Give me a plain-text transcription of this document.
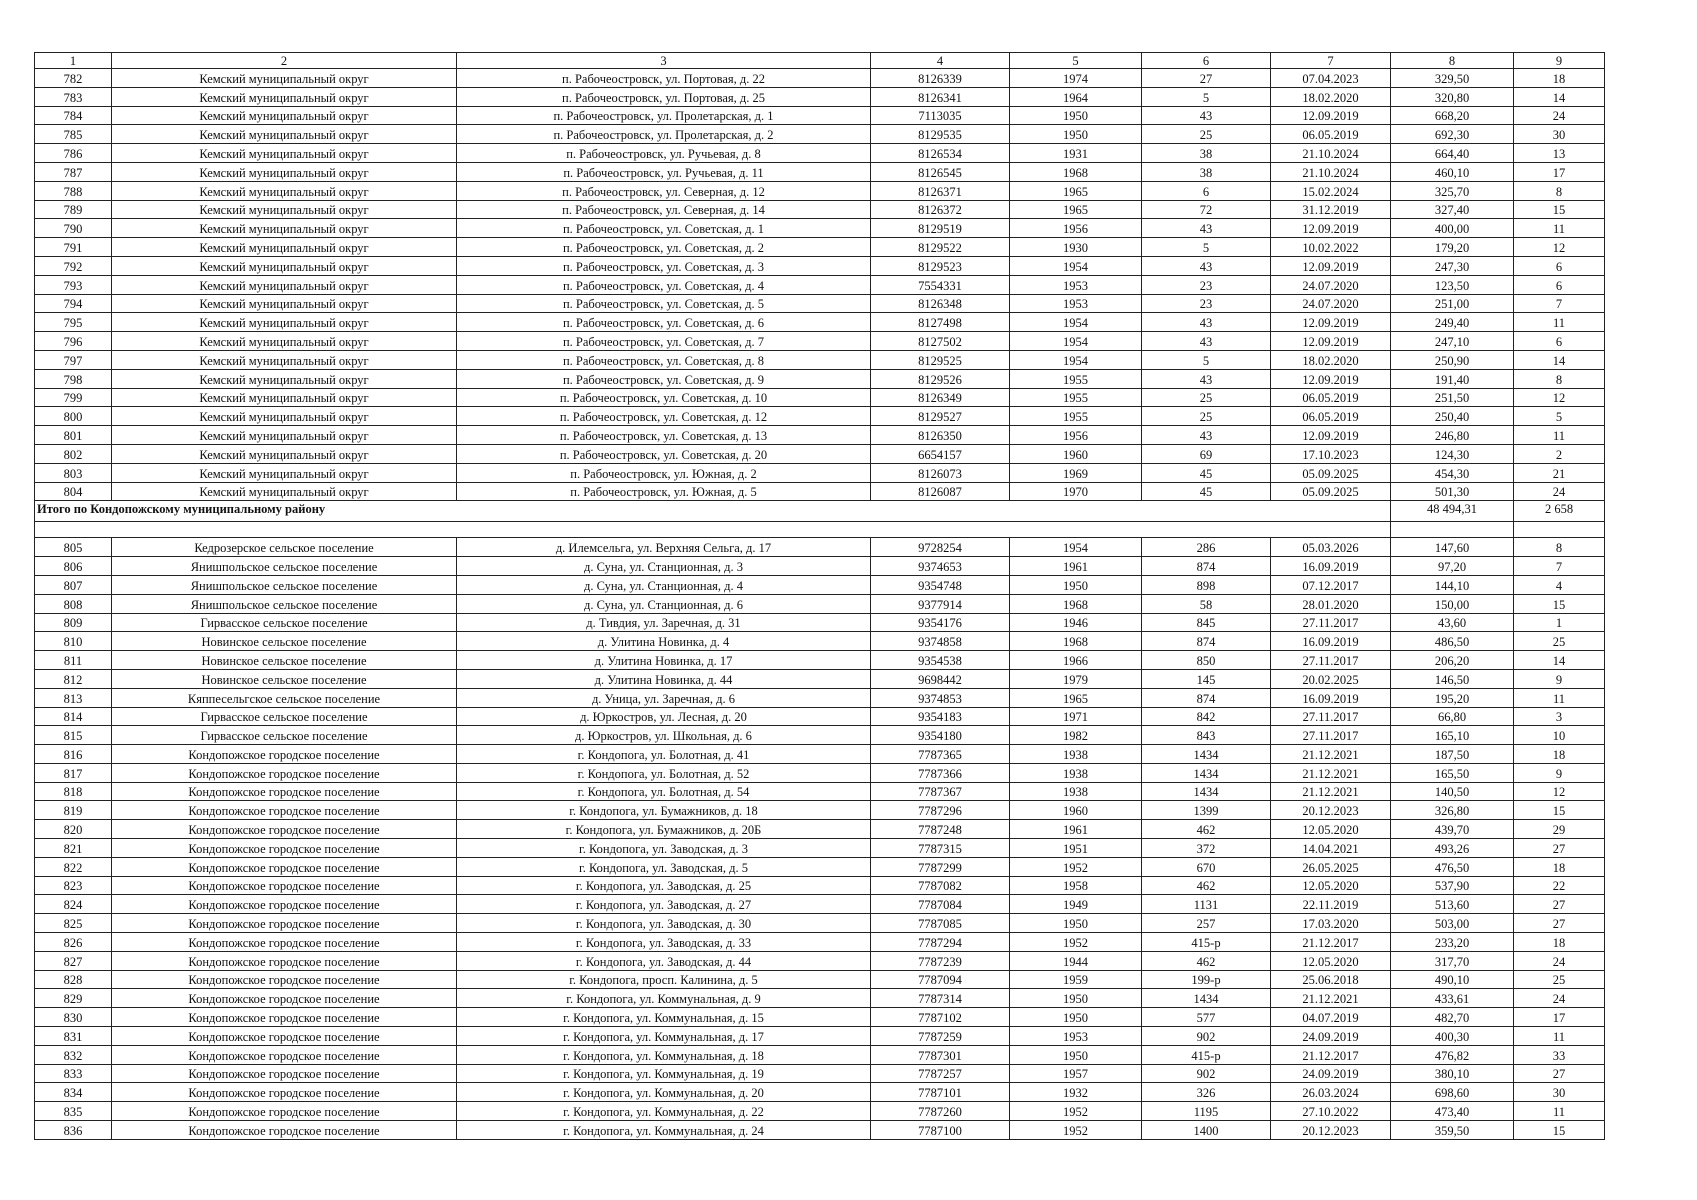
1	2	3	4	5	6	7	8	9
782	Кемский муниципальный округ	п. Рабочеостровск, ул. Портовая, д. 22	8126339	1974	27	07.04.2023	329,50	18
783	Кемский муниципальный округ	п. Рабочеостровск, ул. Портовая, д. 25	8126341	1964	5	18.02.2020	320,80	14
784	Кемский муниципальный округ	п. Рабочеостровск, ул. Пролетарская, д. 1	7113035	1950	43	12.09.2019	668,20	24
785	Кемский муниципальный округ	п. Рабочеостровск, ул. Пролетарская, д. 2	8129535	1950	25	06.05.2019	692,30	30
786	Кемский муниципальный округ	п. Рабочеостровск, ул. Ручьевая, д. 8	8126534	1931	38	21.10.2024	664,40	13
787	Кемский муниципальный округ	п. Рабочеостровск, ул. Ручьевая, д. 11	8126545	1968	38	21.10.2024	460,10	17
788	Кемский муниципальный округ	п. Рабочеостровск, ул. Северная, д. 12	8126371	1965	6	15.02.2024	325,70	8
789	Кемский муниципальный округ	п. Рабочеостровск, ул. Северная, д. 14	8126372	1965	72	31.12.2019	327,40	15
790	Кемский муниципальный округ	п. Рабочеостровск, ул. Советская, д. 1	8129519	1956	43	12.09.2019	400,00	11
791	Кемский муниципальный округ	п. Рабочеостровск, ул. Советская, д. 2	8129522	1930	5	10.02.2022	179,20	12
792	Кемский муниципальный округ	п. Рабочеостровск, ул. Советская, д. 3	8129523	1954	43	12.09.2019	247,30	6
793	Кемский муниципальный округ	п. Рабочеостровск, ул. Советская, д. 4	7554331	1953	23	24.07.2020	123,50	6
794	Кемский муниципальный округ	п. Рабочеостровск, ул. Советская, д. 5	8126348	1953	23	24.07.2020	251,00	7
795	Кемский муниципальный округ	п. Рабочеостровск, ул. Советская, д. 6	8127498	1954	43	12.09.2019	249,40	11
796	Кемский муниципальный округ	п. Рабочеостровск, ул. Советская, д. 7	8127502	1954	43	12.09.2019	247,10	6
797	Кемский муниципальный округ	п. Рабочеостровск, ул. Советская, д. 8	8129525	1954	5	18.02.2020	250,90	14
798	Кемский муниципальный округ	п. Рабочеостровск, ул. Советская, д. 9	8129526	1955	43	12.09.2019	191,40	8
799	Кемский муниципальный округ	п. Рабочеостровск, ул. Советская, д. 10	8126349	1955	25	06.05.2019	251,50	12
800	Кемский муниципальный округ	п. Рабочеостровск, ул. Советская, д. 12	8129527	1955	25	06.05.2019	250,40	5
801	Кемский муниципальный округ	п. Рабочеостровск, ул. Советская, д. 13	8126350	1956	43	12.09.2019	246,80	11
802	Кемский муниципальный округ	п. Рабочеостровск, ул. Советская, д. 20	6654157	1960	69	17.10.2023	124,30	2
803	Кемский муниципальный округ	п. Рабочеостровск, ул. Южная, д. 2	8126073	1969	45	05.09.2025	454,30	21
804	Кемский муниципальный округ	п. Рабочеостровск, ул. Южная, д. 5	8126087	1970	45	05.09.2025	501,30	24
Итого по Кондопожскому муниципальному району							48 494,31	2 658

805	Кедрозерское сельское поселение	д. Илемсельга, ул. Верхняя Сельга, д. 17	9728254	1954	286	05.03.2026	147,60	8
806	Янишпольское сельское поселение	д. Суна, ул. Станционная, д. 3	9374653	1961	874	16.09.2019	97,20	7
807	Янишпольское сельское поселение	д. Суна, ул. Станционная, д. 4	9354748	1950	898	07.12.2017	144,10	4
808	Янишпольское сельское поселение	д. Суна, ул. Станционная, д. 6	9377914	1968	58	28.01.2020	150,00	15
809	Гирвасское сельское поселение	д. Тивдия, ул. Заречная, д. 31	9354176	1946	845	27.11.2017	43,60	1
810	Новинское сельское поселение	д. Улитина Новинка, д. 4	9374858	1968	874	16.09.2019	486,50	25
811	Новинское сельское поселение	д. Улитина Новинка, д. 17	9354538	1966	850	27.11.2017	206,20	14
812	Новинское сельское поселение	д. Улитина Новинка, д. 44	9698442	1979	145	20.02.2025	146,50	9
813	Кяппесельгское сельское поселение	д. Уница, ул. Заречная, д. 6	9374853	1965	874	16.09.2019	195,20	11
814	Гирвасское сельское поселение	д. Юркостров, ул. Лесная, д. 20	9354183	1971	842	27.11.2017	66,80	3
815	Гирвасское сельское поселение	д. Юркостров, ул. Школьная, д. 6	9354180	1982	843	27.11.2017	165,10	10
816	Кондопожское городское поселение	г. Кондопога, ул. Болотная, д. 41	7787365	1938	1434	21.12.2021	187,50	18
817	Кондопожское городское поселение	г. Кондопога, ул. Болотная, д. 52	7787366	1938	1434	21.12.2021	165,50	9
818	Кондопожское городское поселение	г. Кондопога, ул. Болотная, д. 54	7787367	1938	1434	21.12.2021	140,50	12
819	Кондопожское городское поселение	г. Кондопога, ул. Бумажников, д. 18	7787296	1960	1399	20.12.2023	326,80	15
820	Кондопожское городское поселение	г. Кондопога, ул. Бумажников, д. 20Б	7787248	1961	462	12.05.2020	439,70	29
821	Кондопожское городское поселение	г. Кондопога, ул. Заводская, д. 3	7787315	1951	372	14.04.2021	493,26	27
822	Кондопожское городское поселение	г. Кондопога, ул. Заводская, д. 5	7787299	1952	670	26.05.2025	476,50	18
823	Кондопожское городское поселение	г. Кондопога, ул. Заводская, д. 25	7787082	1958	462	12.05.2020	537,90	22
824	Кондопожское городское поселение	г. Кондопога, ул. Заводская, д. 27	7787084	1949	1131	22.11.2019	513,60	27
825	Кондопожское городское поселение	г. Кондопога, ул. Заводская, д. 30	7787085	1950	257	17.03.2020	503,00	27
826	Кондопожское городское поселение	г. Кондопога, ул. Заводская, д. 33	7787294	1952	415-р	21.12.2017	233,20	18
827	Кондопожское городское поселение	г. Кондопога, ул. Заводская, д. 44	7787239	1944	462	12.05.2020	317,70	24
828	Кондопожское городское поселение	г. Кондопога, просп. Калинина, д. 5	7787094	1959	199-р	25.06.2018	490,10	25
829	Кондопожское городское поселение	г. Кондопога, ул. Коммунальная, д. 9	7787314	1950	1434	21.12.2021	433,61	24
830	Кондопожское городское поселение	г. Кондопога, ул. Коммунальная, д. 15	7787102	1950	577	04.07.2019	482,70	17
831	Кондопожское городское поселение	г. Кондопога, ул. Коммунальная, д. 17	7787259	1953	902	24.09.2019	400,30	11
832	Кондопожское городское поселение	г. Кондопога, ул. Коммунальная, д. 18	7787301	1950	415-р	21.12.2017	476,82	33
833	Кондопожское городское поселение	г. Кондопога, ул. Коммунальная, д. 19	7787257	1957	902	24.09.2019	380,10	27
834	Кондопожское городское поселение	г. Кондопога, ул. Коммунальная, д. 20	7787101	1932	326	26.03.2024	698,60	30
835	Кондопожское городское поселение	г. Кондопога, ул. Коммунальная, д. 22	7787260	1952	1195	27.10.2022	473,40	11
836	Кондопожское городское поселение	г. Кондопога, ул. Коммунальная, д. 24	7787100	1952	1400	20.12.2023	359,50	15
